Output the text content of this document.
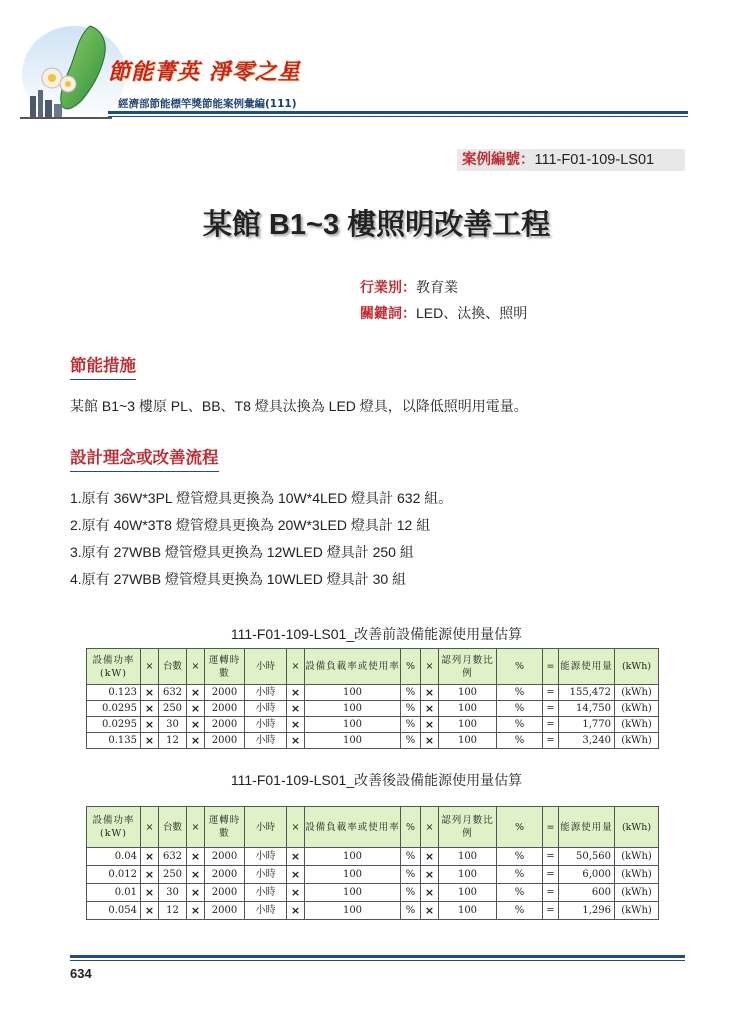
節能菁英 淨零之星
經濟部節能標竿獎節能案例彙編(111)
案例編號：111-F01-109-LS01
某館 B1~3 樓照明改善工程
行業別：教育業
關鍵詞：LED、汰換、照明
節能措施
某館 B1~3 樓原 PL、BB、T8 燈具汰換為 LED 燈具，以降低照明用電量。
設計理念或改善流程
1.原有 36W*3PL 燈管燈具更換為 10W*4LED 燈具計 632 組。
2.原有 40W*3T8 燈管燈具更換為 20W*3LED 燈具計 12 組
3.原有 27WBB 燈管燈具更換為 12WLED 燈具計 250 組
4.原有 27WBB 燈管燈具更換為 10WLED 燈具計 30 組
111-F01-109-LS01_改善前設備能源使用量估算
設備功率(kW)	×	台數	×	運轉時數	小時	×	設備負載率或使用率	%	×	認列月數比例	%	=	能源使用量	(kWh)
0.123	×	632	×	2000	小時	×	100	%	×	100	%	=	155,472	(kWh)
0.0295	×	250	×	2000	小時	×	100	%	×	100	%	=	14,750	(kWh)
0.0295	×	30	×	2000	小時	×	100	%	×	100	%	=	1,770	(kWh)
0.135	×	12	×	2000	小時	×	100	%	×	100	%	=	3,240	(kWh)
111-F01-109-LS01_改善後設備能源使用量估算
設備功率(kW)	×	台數	×	運轉時數	小時	×	設備負載率或使用率	%	×	認列月數比例	%	=	能源使用量	(kWh)
0.04	×	632	×	2000	小時	×	100	%	×	100	%	=	50,560	(kWh)
0.012	×	250	×	2000	小時	×	100	%	×	100	%	=	6,000	(kWh)
0.01	×	30	×	2000	小時	×	100	%	×	100	%	=	600	(kWh)
0.054	×	12	×	2000	小時	×	100	%	×	100	%	=	1,296	(kWh)
634
